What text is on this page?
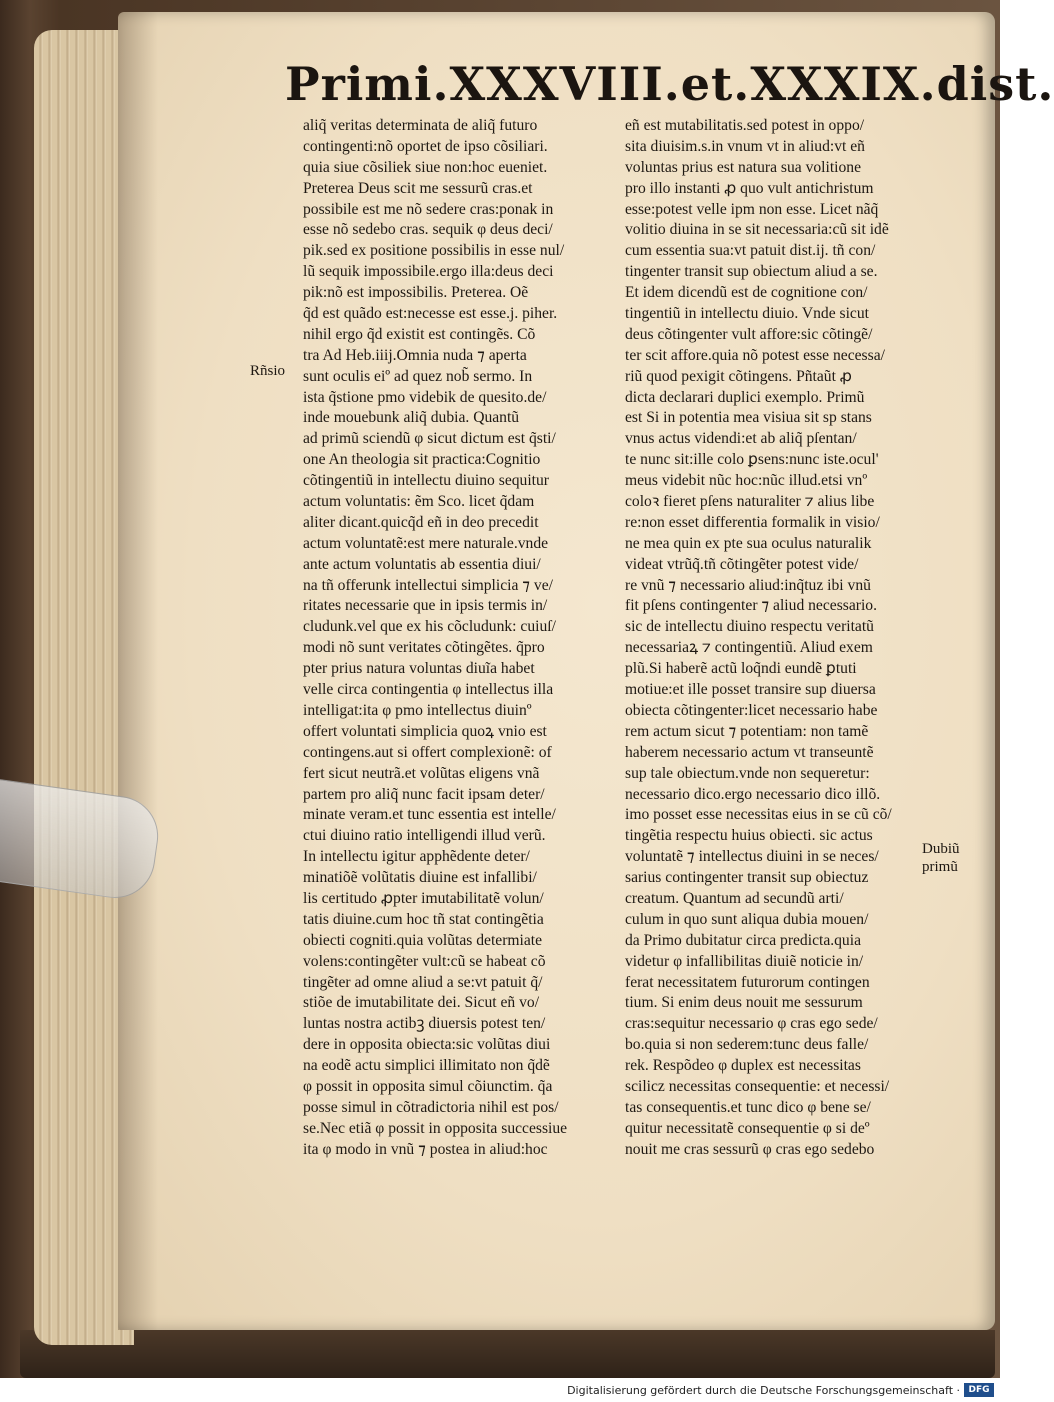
Primi.XXXVIII.et.XXXIX.dist.
Rñsio
Dubiũ
primũ
aliq̃ veritas determinata de aliq̃ futuro
contingenti:nõ oportet de ipso cõsiliari.
quia siue cõsiliek siue non:hoc eueniet.
Preterea Deus scit me sessurũ cras.et
possibile est me nõ sedere cras:ponak in
esse nõ sedebo cras. sequik φ deus deci/
pik.sed ex positione possibilis in esse nul/
lũ sequik impossibile.ergo illa:deus deci
pik:nõ est impossibilis. Preterea. Oẽ
q̃d est quãdo est:necesse est esse.j. piher.
nihil ergo q̃d existit est contingẽs. Cõ
tra Ad Heb.iiij.Omnia nuda ⁊ aperta
sunt oculis eiº ad quez nob̃ sermo. In
ista q̃stione pmo videbik de quesito.de/
inde mouebunk aliq̃ dubia. Quantũ
ad primũ sciendũ φ sicut dictum est q̃sti/
one An theologia sit practica:Cognitio
cõtingentiũ in intellectu diuino sequitur
actum voluntatis: ẽm Sco. licet q̃dam
aliter dicant.quicq̃d eñ in deo precedit
actum voluntatẽ:est mere naturale.vnde
ante actum voluntatis ab essentia diui/
na tñ offerunk intellectui simplicia ⁊ ve/
ritates necessarie que in ipsis termis in/
cludunk.vel que ex his cõcludunk: cuiuſ/
modi nõ sunt veritates cõtingẽtes. q̃pro
pter prius natura voluntas diuĩa habet
velle circa contingentia φ intellectus illa
intelligat:ita φ pmo intellectus diuinº
offert voluntati simplicia quoꝝ vnio est
contingens.aut si offert complexionẽ: of
fert sicut neutrã.et volũtas eligens vnã
partem pro aliq̃ nunc facit ipsam deter/
minate veram.et tunc essentia est intelle/
ctui diuino ratio intelligendi illud verũ.
In intellectu igitur apphẽdente deter/
minatiõẽ volũtatis diuine est infallibi/
lis certitudo ꝓpter imutabilitatẽ volun/
tatis diuine.cum hoc tñ stat contingẽtia
obiecti cogniti.quia volũtas determiate
volens:contingẽter vult:cũ se habeat cõ
tingẽter ad omne aliud a se:vt patuit q̃/
stiõe de imutabilitate dei. Sicut eñ vo/
luntas nostra actibꝫ diuersis potest ten/
dere in opposita obiecta:sic volũtas diui
na eodẽ actu simplici illimitato non q̃dẽ
φ possit in opposita simul cõiunctim. q̃a
posse simul in cõtradictoria nihil est pos/
se.Nec etiã φ possit in opposita successiue
ita φ modo in vnũ ⁊ postea in aliud:hoc
eñ est mutabilitatis.sed potest in oppo/
sita diuisim.s.in vnum vt in aliud:vt eñ
voluntas prius est natura sua volitione
pro illo instanti ꝓ quo vult antichristum
esse:potest velle ipm non esse. Licet nãq̃
volitio diuina in se sit necessaria:cũ sit idẽ
cum essentia sua:vt patuit dist.ij. tñ con/
tingenter transit sup obiectum aliud a se.
Et idem dicendũ est de cognitione con/
tingentiũ in intellectu diuio. Vnde sicut
deus cõtingenter vult affore:sic cõtingẽ/
ter scit affore.quia nõ potest esse necessa/
riũ quod pexigit cõtingens. Pñtaũt ꝓ
dicta declarari duplici exemplo. Primũ
est Si in potentia mea visiua sit sp stans
vnus actus videndi:et ab aliq̃ pſentan/
te nunc sit:ille colo ꝑsens:nunc iste.ocul'
meus videbit nũc hoc:nũc illud.etsi vnº
coloꝛ fieret pſens naturaliter ⁊ alius libe
re:non esset differentia formalik in visio/
ne mea quin ex pte sua oculus naturalik
videat vtrũq̃.tñ cõtingẽter potest vide/
re vnũ ⁊ necessario aliud:inq̃tuz ibi vnũ
fit pſens contingenter ⁊ aliud necessario.
sic de intellectu diuino respectu veritatũ
necessariaꝝ ⁊ contingentiũ. Aliud exem
plũ.Si haberẽ actũ loq̃ndi eundẽ ꝑtuti
motiue:et ille posset transire sup diuersa
obiecta cõtingenter:licet necessario habe
rem actum sicut ⁊ potentiam: non tamẽ
haberem necessario actum vt transeuntẽ
sup tale obiectum.vnde non sequeretur:
necessario dico.ergo necessario dico illõ.
imo posset esse necessitas eius in se cũ cõ/
tingẽtia respectu huius obiecti. sic actus
voluntatẽ ⁊ intellectus diuini in se neces/
sarius contingenter transit sup obiectuz
creatum. Quantum ad secundũ arti/
culum in quo sunt aliqua dubia mouen/
da Primo dubitatur circa predicta.quia
videtur φ infallibilitas diuiẽ noticie in/
ferat necessitatem futurorum contingen
tium. Si enim deus nouit me sessurum
cras:sequitur necessario φ cras ego sede/
bo.quia si non sederem:tunc deus falle/
rek. Respõdeo φ duplex est necessitas
scilicz necessitas consequentie: et necessi/
tas consequentis.et tunc dico φ bene se/
quitur necessitatẽ consequentie φ si deº
nouit me cras sessurũ φ cras ego sedebo
Digitalisierung gefördert durch die Deutsche Forschungsgemeinschaft · DFG
